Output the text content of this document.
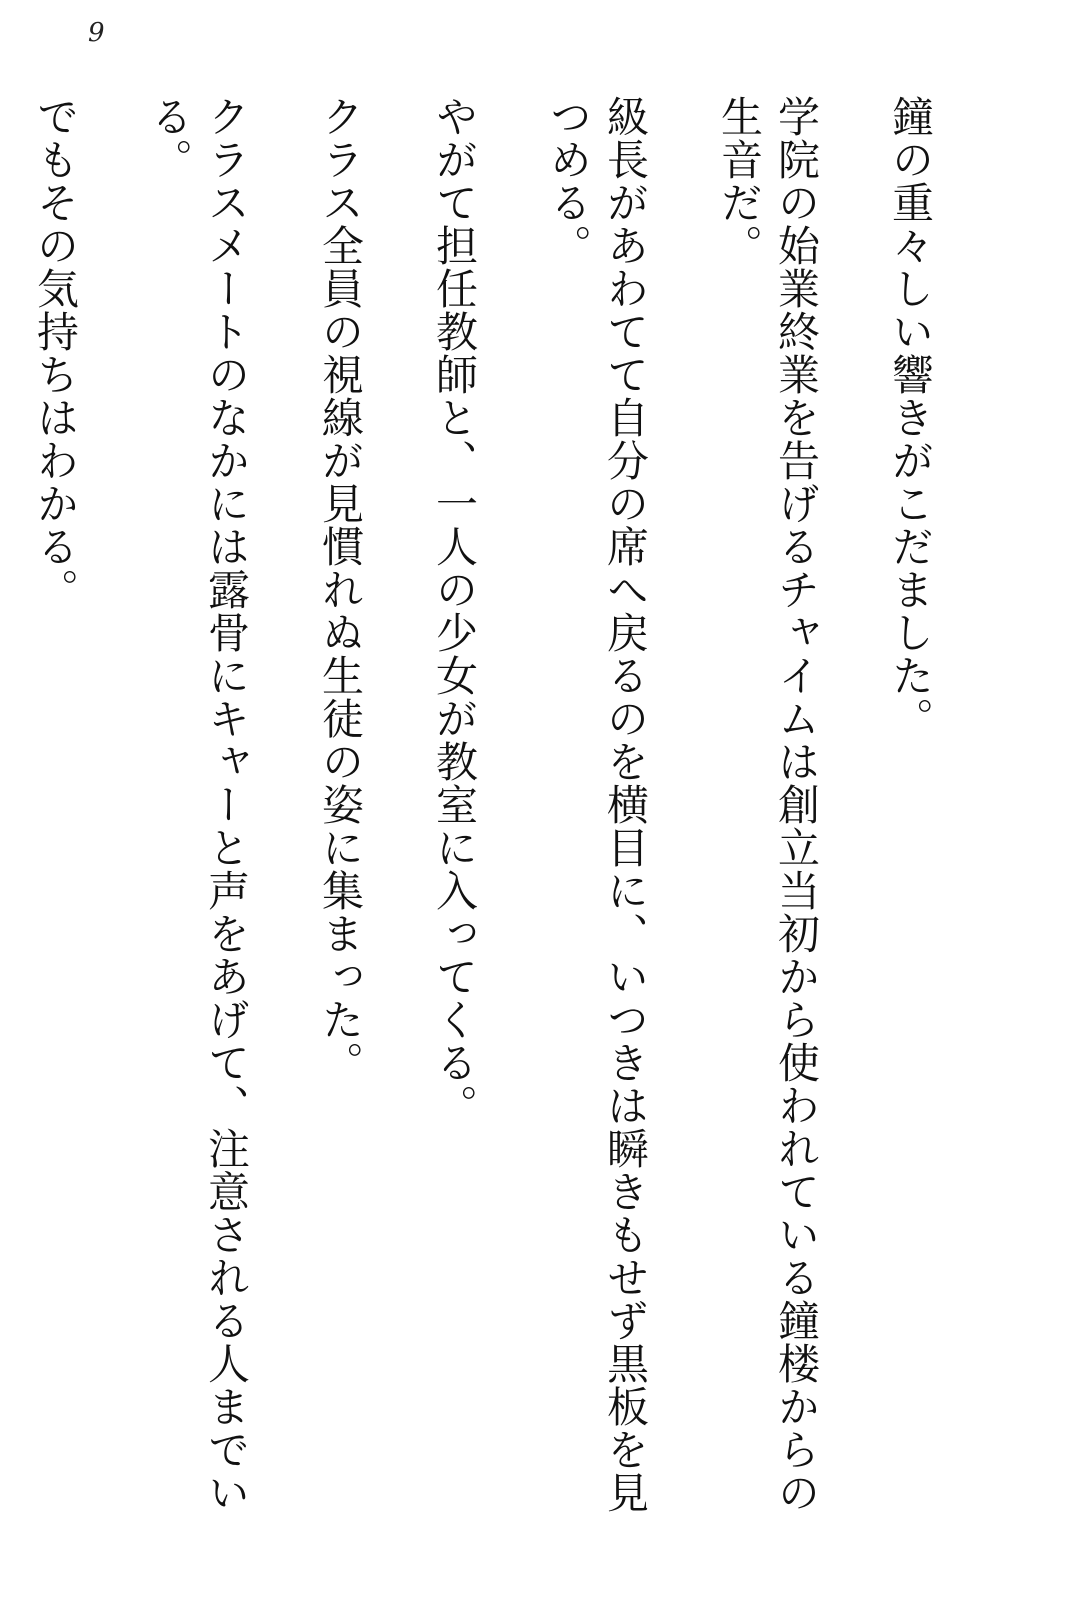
9

鐘の重々しい響きがこだました。

学院の始業終業を告げるチャイムは創立当初から使われている鐘楼からの生音だ。

級長があわてて自分の席へ戻るのを横目に、いつきは瞬きもせず黒板を見つめる。

やがて担任教師と、一人の少女が教室に入ってくる。

クラス全員の視線が見慣れぬ生徒の姿に集まった。

クラスメートのなかには露骨にキャーと声をあげて、注意される人までいる。

でもその気持ちはわかる。
